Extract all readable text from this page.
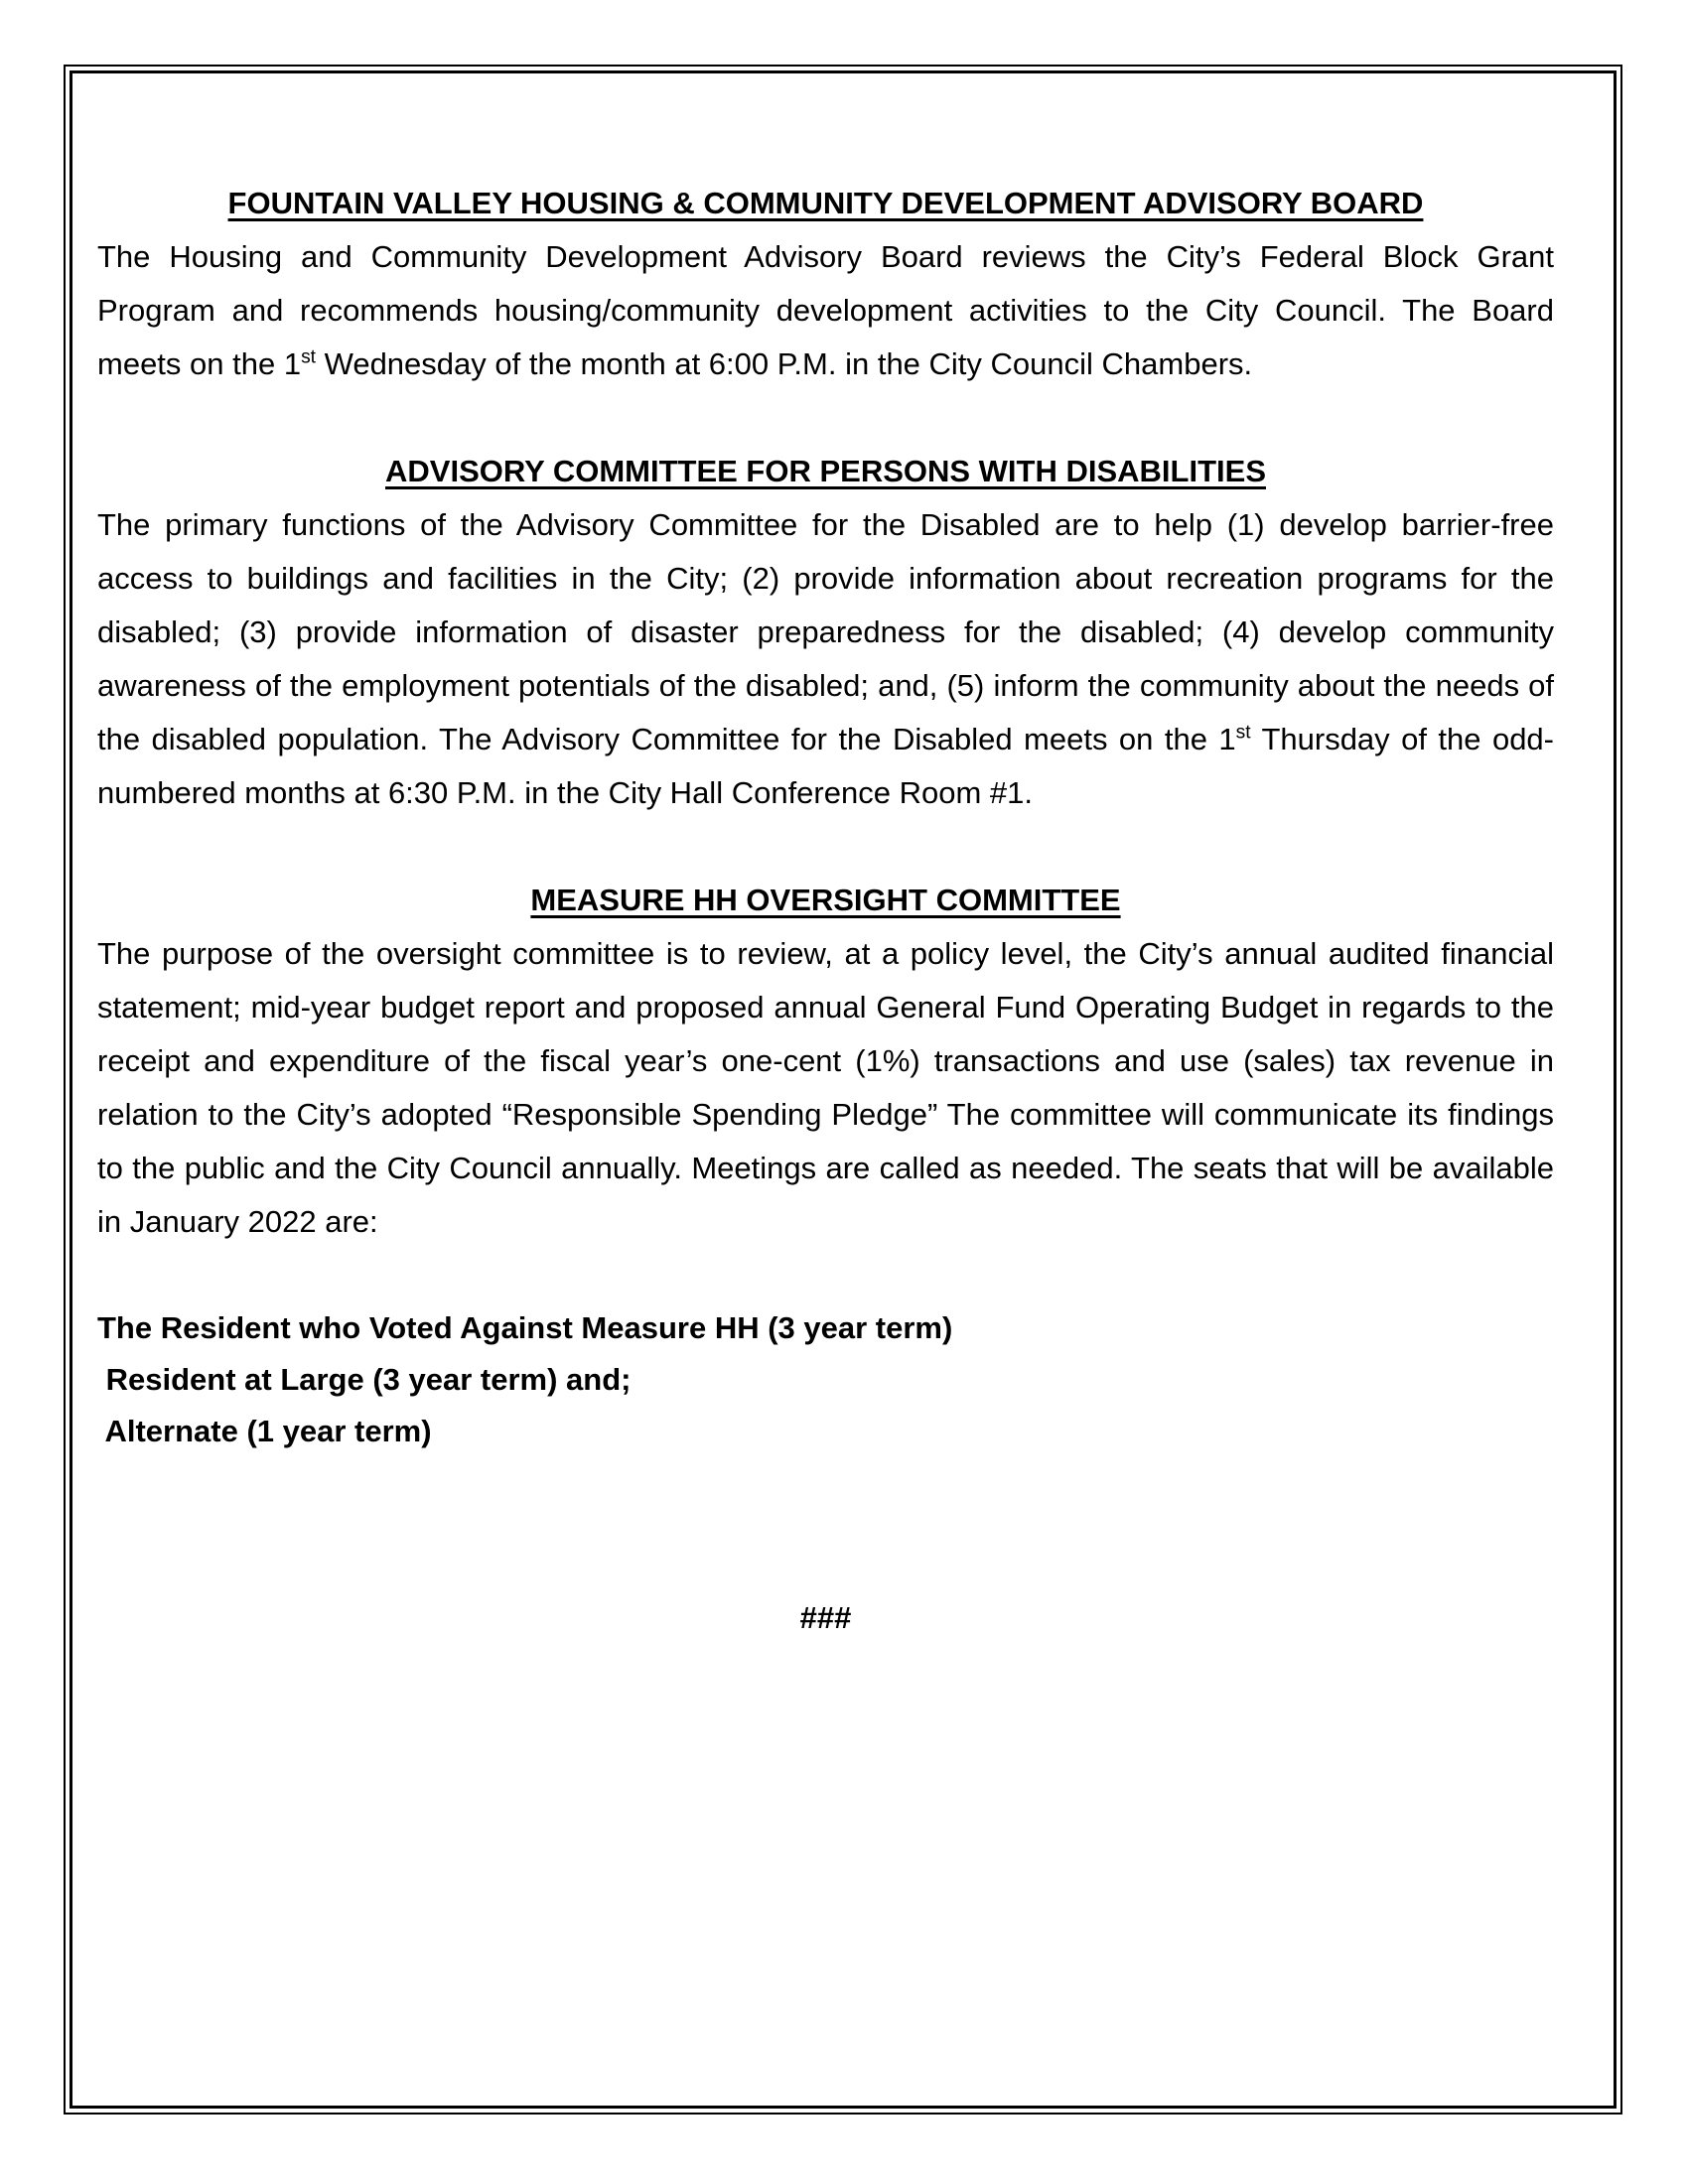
FOUNTAIN VALLEY HOUSING & COMMUNITY DEVELOPMENT ADVISORY BOARD

The Housing and Community Development Advisory Board reviews the City’s Federal Block Grant Program and recommends housing/community development activities to the City Council. The Board meets on the 1st Wednesday of the month at 6:00 P.M. in the City Council Chambers.

ADVISORY COMMITTEE FOR PERSONS WITH DISABILITIES

The primary functions of the Advisory Committee for the Disabled are to help (1) develop barrier-free access to buildings and facilities in the City; (2) provide information about recreation programs for the disabled; (3) provide information of disaster preparedness for the disabled; (4) develop community awareness of the employment potentials of the disabled; and, (5) inform the community about the needs of the disabled population. The Advisory Committee for the Disabled meets on the 1st Thursday of the odd-numbered months at 6:30 P.M. in the City Hall Conference Room #1.

MEASURE HH OVERSIGHT COMMITTEE

The purpose of the oversight committee is to review, at a policy level, the City’s annual audited financial statement; mid-year budget report and proposed annual General Fund Operating Budget in regards to the receipt and expenditure of the fiscal year’s one-cent (1%) transactions and use (sales) tax revenue in relation to the City’s adopted “Responsible Spending Pledge” The committee will communicate its findings to the public and the City Council annually. Meetings are called as needed. The seats that will be available in January 2022 are:

The Resident who Voted Against Measure HH (3 year term)

Resident at Large (3 year term) and;

Alternate (1 year term)

###
